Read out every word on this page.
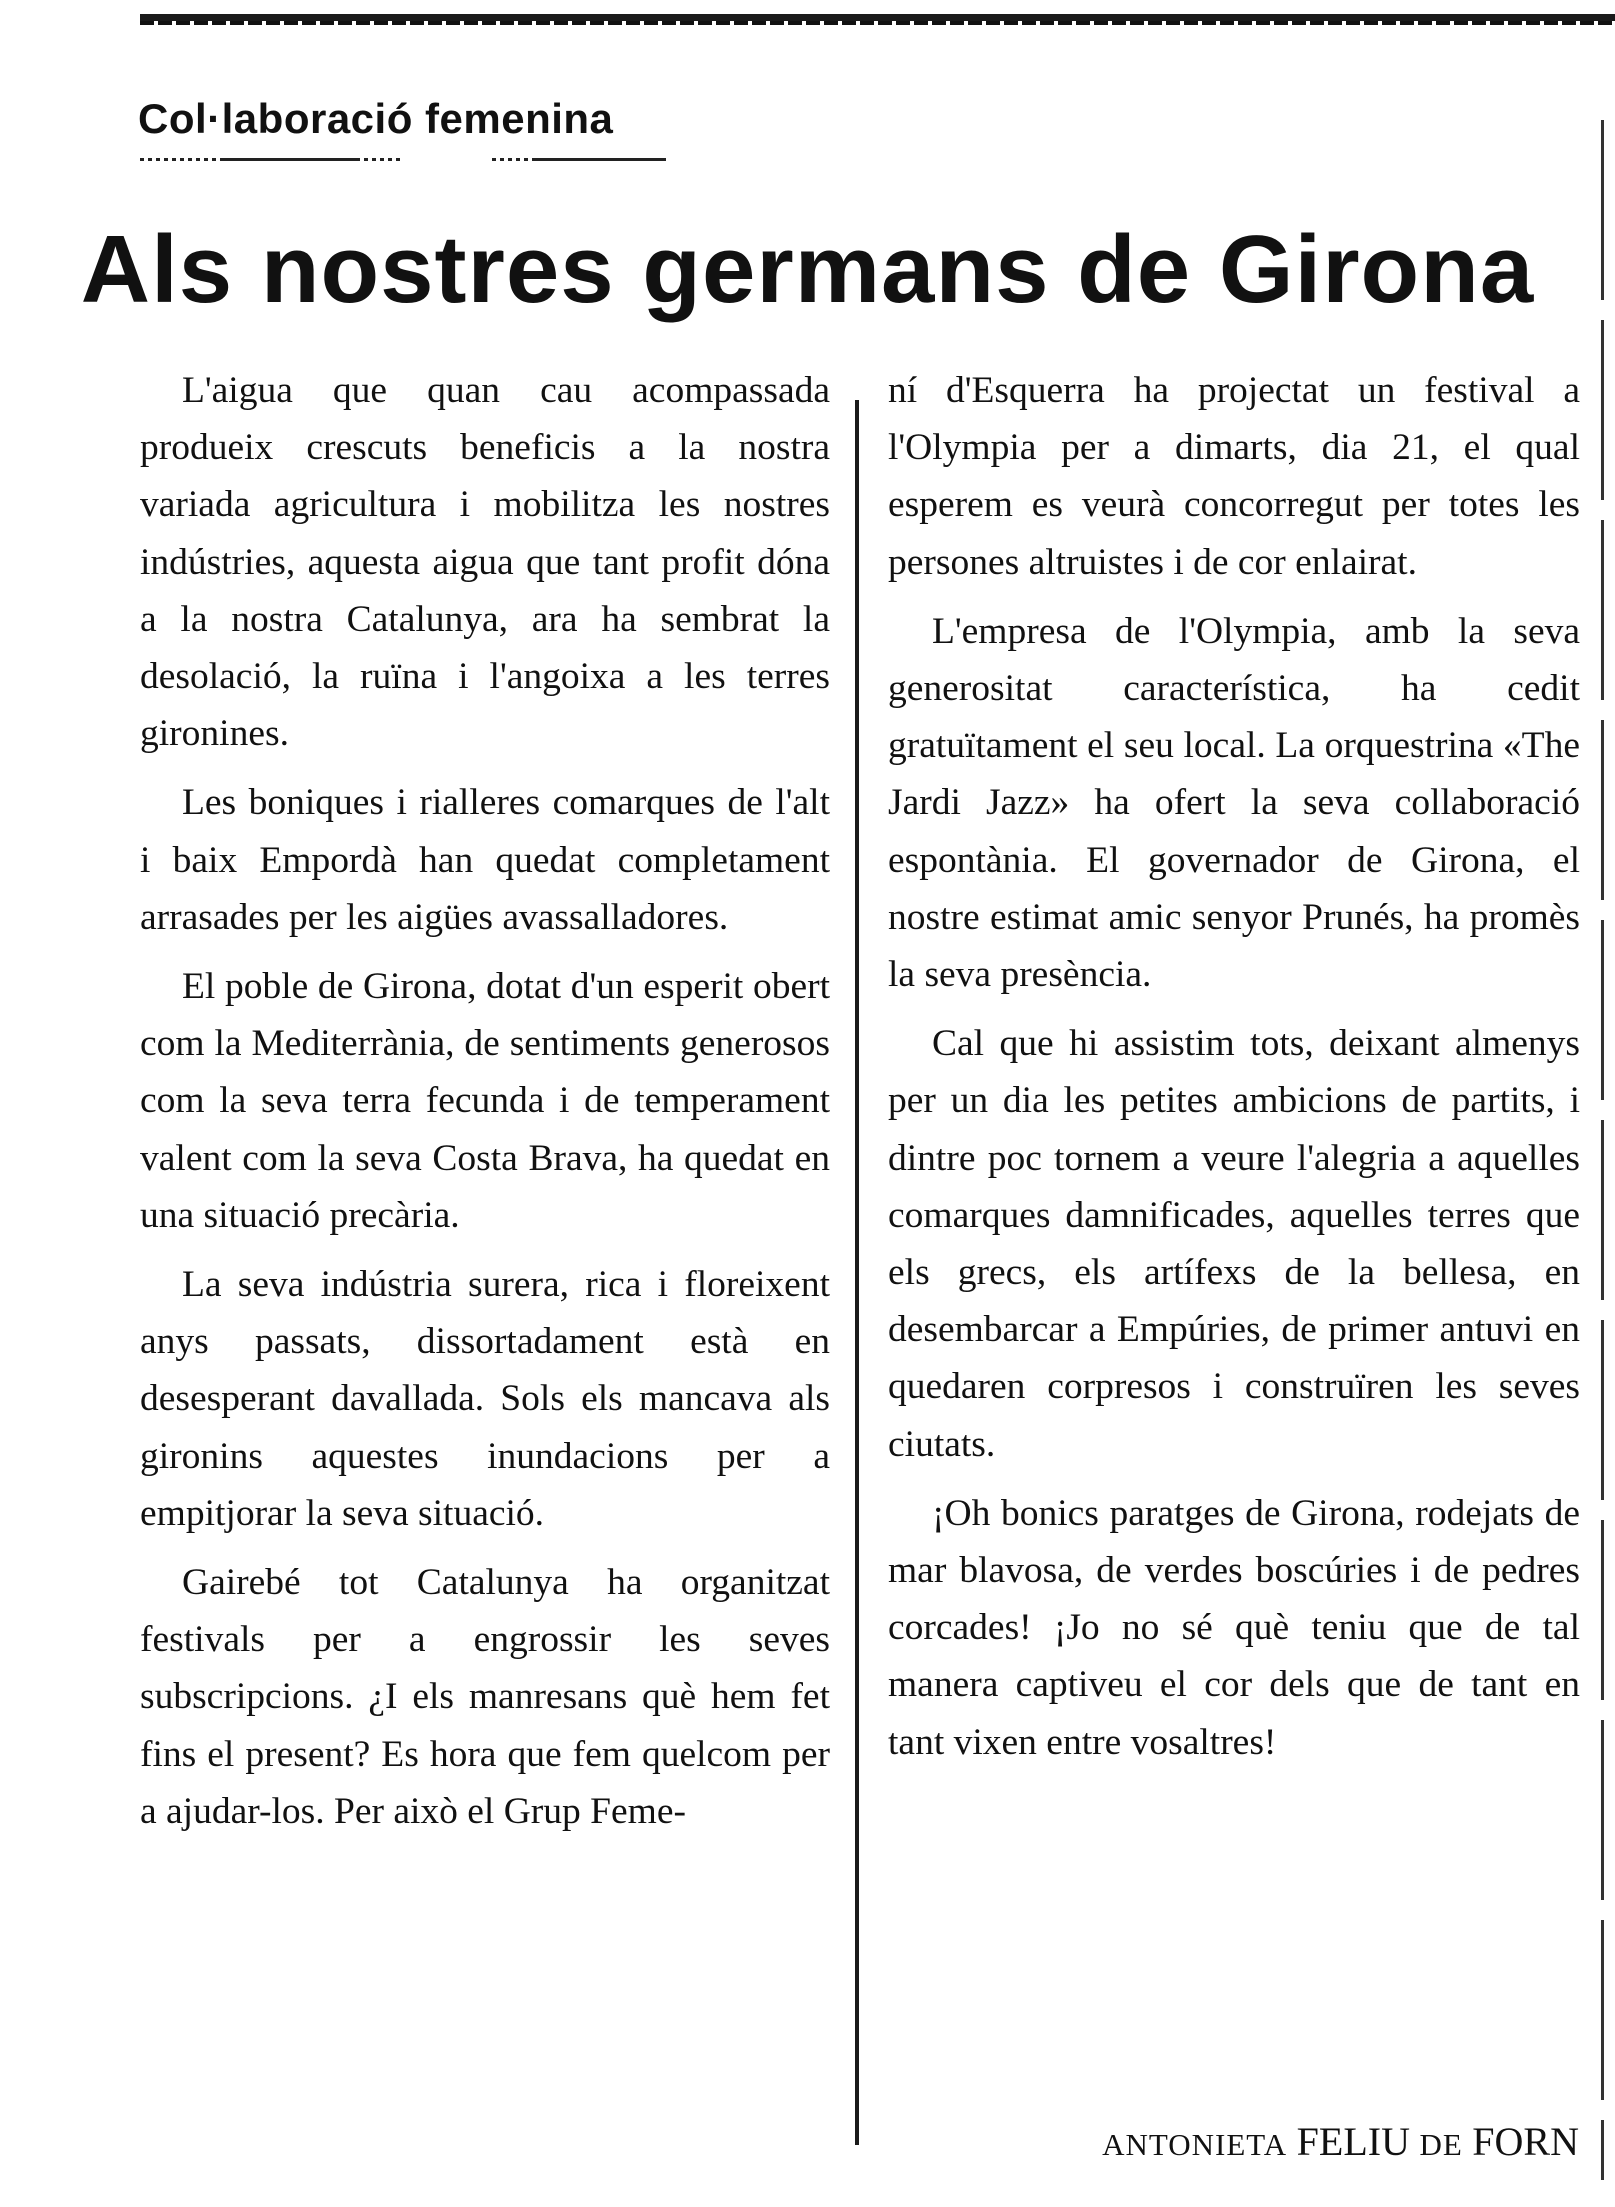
Col·laboració femenina
Als nostres germans de Girona

L'aigua que quan cau acompassada produeix crescuts beneficis a la nostra variada agricultura i mobilitza les nostres indústries, aquesta aigua que tant profit dóna a la nostra Catalunya, ara ha sembrat la desolació, la ruïna i l'angoixa a les terres gironines.

Les boniques i rialleres comarques de l'alt i baix Empordà han quedat completament arrasades per les aigües avassalladores.

El poble de Girona, dotat d'un esperit obert com la Mediterrània, de sentiments generosos com la seva terra fecunda i de temperament valent com la seva Costa Brava, ha quedat en una situació precària.

La seva indústria surera, rica i floreixent anys passats, dissortadament està en desesperant davallada. Sols els mancava als gironins aquestes inundacions per a empitjorar la seva situació.

Gairebé tot Catalunya ha organitzat festivals per a engrossir les seves subscripcions. ¿I els manresans què hem fet fins el present? Es hora que fem quelcom per a ajudar-los. Per això el Grup Feme-

ní d'Esquerra ha projectat un festival a l'Olympia per a dimarts, dia 21, el qual esperem es veurà concorregut per totes les persones altruistes i de cor enlairat.

L'empresa de l'Olympia, amb la seva generositat característica, ha cedit gratuïtament el seu local. La orquestrina «The Jardi Jazz» ha ofert la seva collaboració espontània. El governador de Girona, el nostre estimat amic senyor Prunés, ha promès la seva presència.

Cal que hi assistim tots, deixant almenys per un dia les petites ambicions de partits, i dintre poc tornem a veure l'alegria a aquelles comarques damnificades, aquelles terres que els grecs, els artífexs de la bellesa, en desembarcar a Empúries, de primer antuvi en quedaren corpresos i construïren les seves ciutats.

¡Oh bonics paratges de Girona, rodejats de mar blavosa, de verdes boscúries i de pedres corcades! ¡Jo no sé què teniu que de tal manera captiveu el cor dels que de tant en tant vixen entre vosaltres!

ANTONIETA FELIU DE FORN
